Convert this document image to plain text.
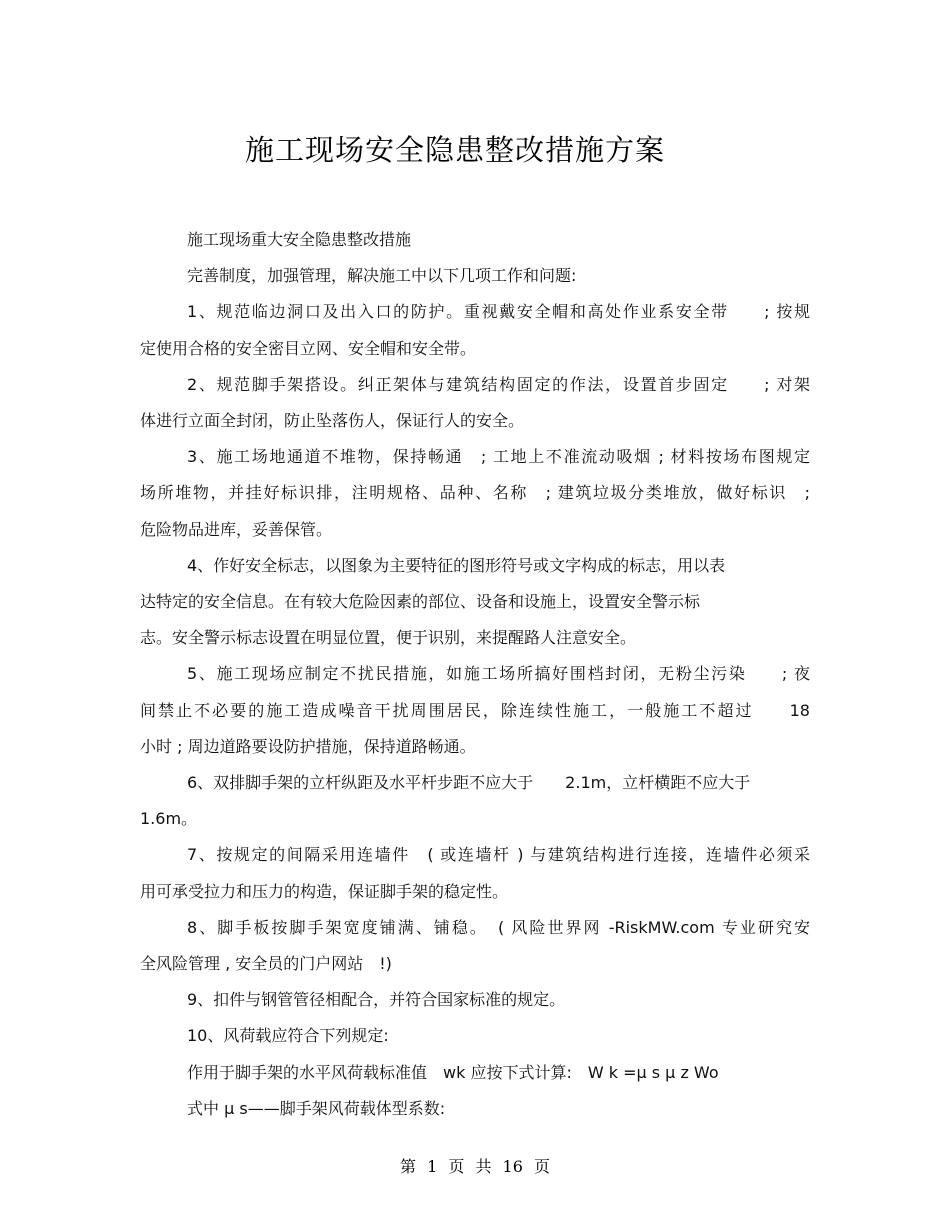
施工现场安全隐患整改措施方案

施工现场重大安全隐患整改措施

完善制度，加强管理，解决施工中以下几项工作和问题:

1、规范临边洞口及出入口的防护。重视戴安全帽和高处作业系安全带　　; 按规

定使用合格的安全密目立网、安全帽和安全带。

2、规范脚手架搭设。纠正架体与建筑结构固定的作法，设置首步固定　　; 对架

体进行立面全封闭，防止坠落伤人，保证行人的安全。

3、施工场地通道不堆物，保持畅通　; 工地上不准流动吸烟 ; 材料按场布图规定

场所堆物，并挂好标识排，注明规格、品种、名称　; 建筑垃圾分类堆放，做好标识　;

危险物品进库，妥善保管。

4、作好安全标志，以图象为主要特征的图形符号或文字构成的标志，用以表

达特定的安全信息。在有较大危险因素的部位、设备和设施上，设置安全警示标

志。安全警示标志设置在明显位置，便于识别，来提醒路人注意安全。

5、施工现场应制定不扰民措施，如施工场所搞好围档封闭，无粉尘污染　　; 夜

间禁止不必要的施工造成噪音干扰周围居民，除连续性施工，一般施工不超过　　18

小时 ; 周边道路要设防护措施，保持道路畅通。

6、双排脚手架的立杆纵距及水平杆步距不应大于　　2.1m，立杆横距不应大于

1.6m。

7、按规定的间隔采用连墙件　( 或连墙杆 ) 与建筑结构进行连接，连墙件必须采

用可承受拉力和压力的构造，保证脚手架的稳定性。

8、脚手板按脚手架宽度铺满、铺稳。　( 风险世界网 -RiskMW.com 专业研究安

全风险管理 , 安全员的门户网站　!)

9、扣件与钢管管径相配合，并符合国家标准的规定。

10、风荷载应符合下列规定:

作用于脚手架的水平风荷载标准值　wk 应按下式计算:　W k =μ s μ z Wo

式中 μ s——脚手架风荷载体型系数:

第 1 页 共 16 页
